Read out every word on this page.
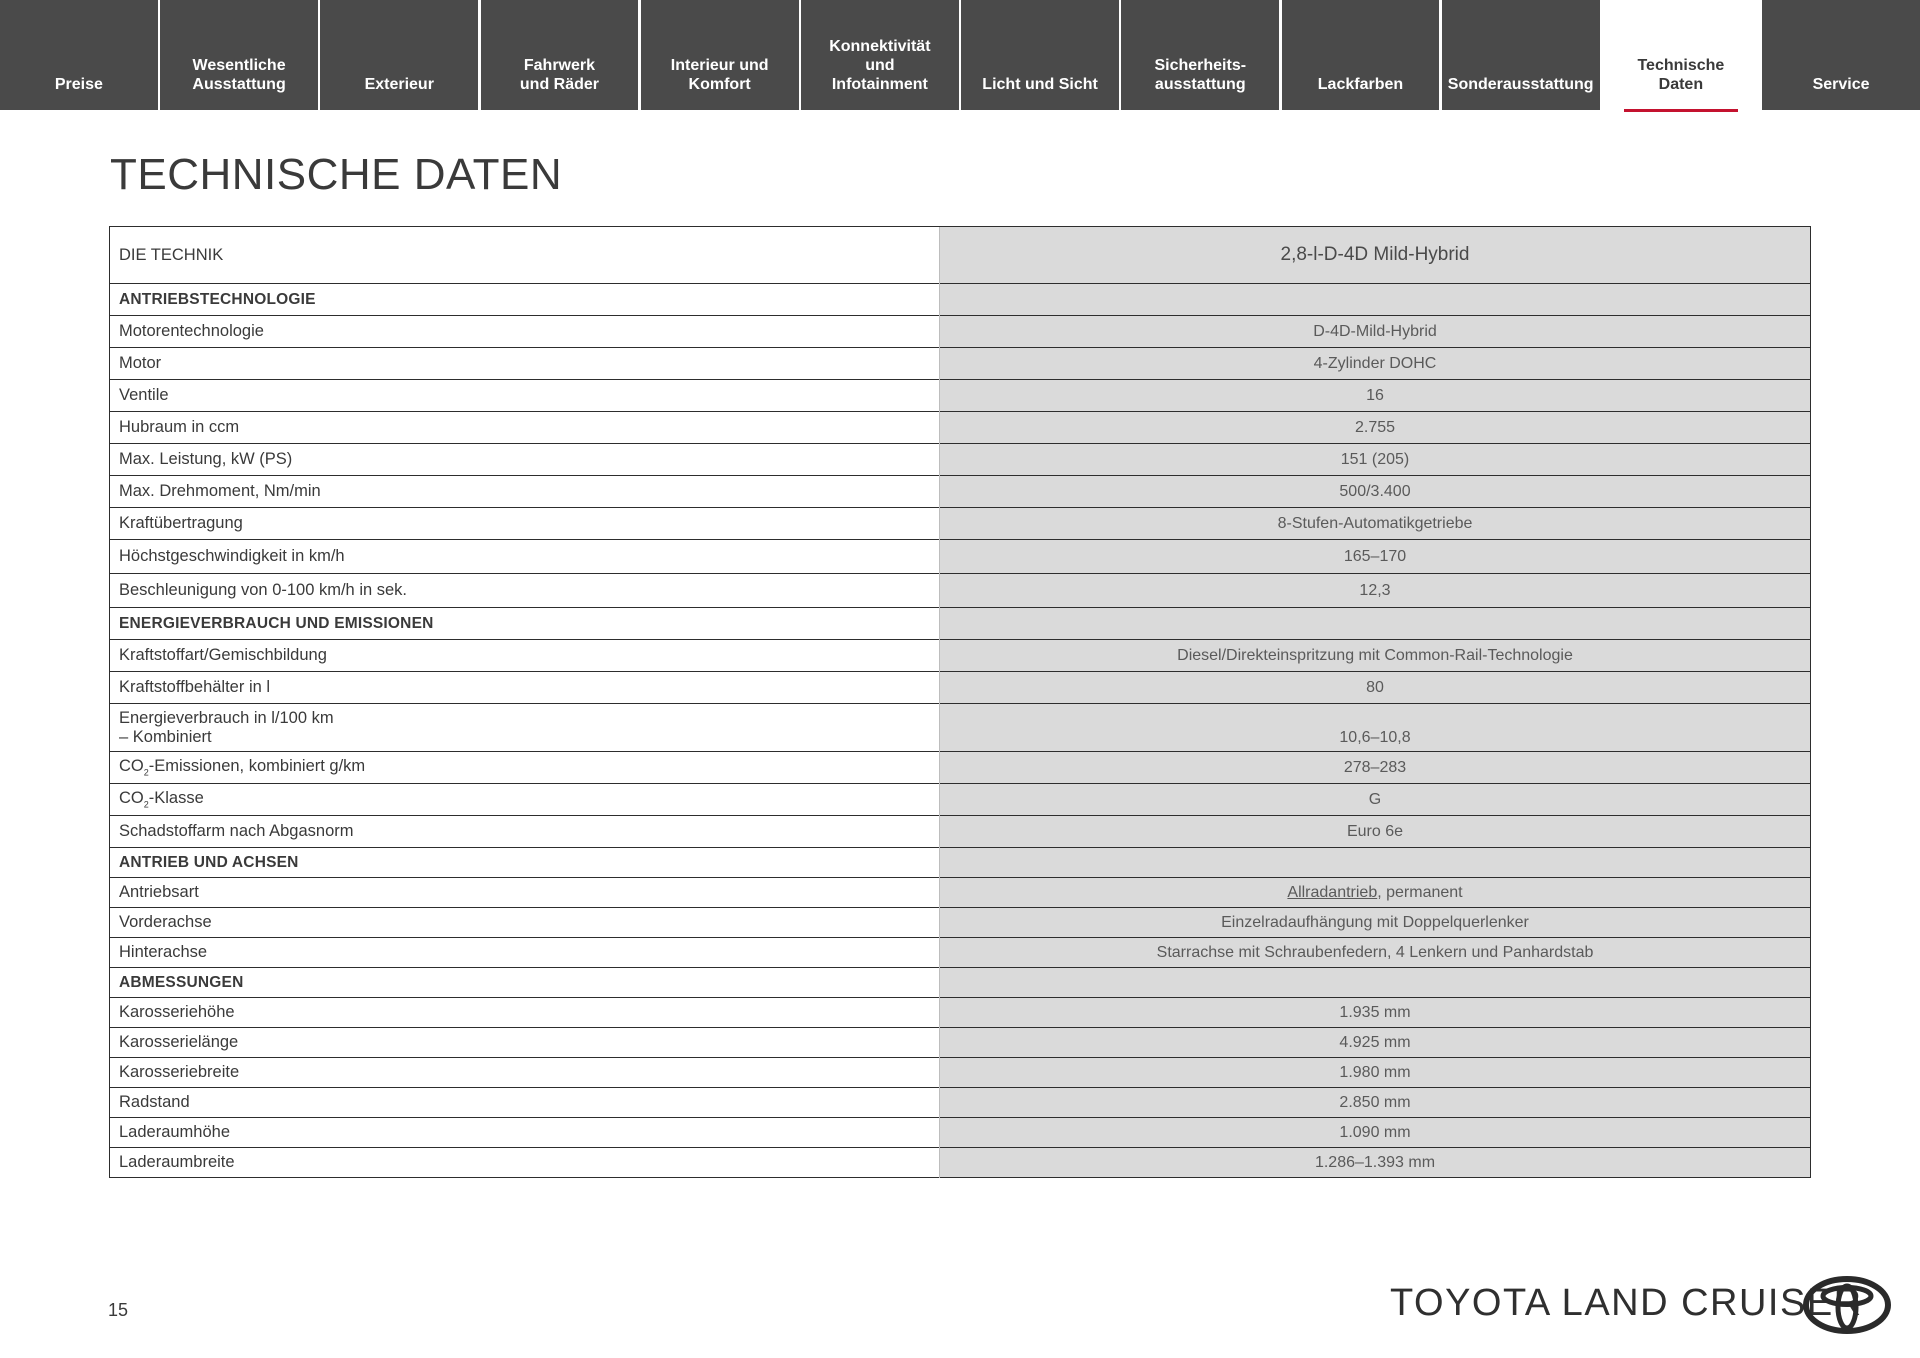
Preise
Wesentliche
Ausstattung	Exterieur
Fahrwerk
und Räder
Interieur und
Komfort
Konnektivität
und
Infotainment	Licht und Sicht
Sicherheits-
ausstattung	Lackfarben	Sonderausstattung
Technische
Daten	Service
TECHNISCHE DATEN
DIE TECHNIK	2,8-l-D-4D Mild-Hybrid
ANTRIEBSTECHNOLOGIE	
Motorentechnologie	D-4D-Mild-Hybrid
Motor	4-Zylinder DOHC
Ventile	16
Hubraum in ccm	2.755
Max. Leistung, kW (PS)	151 (205)
Max. Drehmoment, Nm/min	500/3.400
Kraftübertragung	8-Stufen-Automatikgetriebe
Höchstgeschwindigkeit in km/h	165–170
Beschleunigung von 0-100 km/h in sek.	12,3
ENERGIEVERBRAUCH UND EMISSIONEN	
Kraftstoffart/Gemischbildung	Diesel/Direkteinspritzung mit Common-Rail-Technologie
Kraftstoffbehälter in l	80
Energieverbrauch in l/100 km
– Kombiniert	10,6–10,8
$CO_2$-Emissionen, kombiniert g/km	278–283
$CO_2$-Klasse	G
Schadstoffarm nach Abgasnorm	Euro 6e
ANTRIEB UND ACHSEN	
Antriebsart	Allradantrieb, permanent
Vorderachse	Einzelradaufhängung mit Doppelquerlenker
Hinterachse	Starrachse mit Schraubenfedern, 4 Lenkern und Panhardstab
ABMESSUNGEN	
Karosseriehöhe	1.935 mm
Karosserielänge	4.925 mm
Karosseriebreite	1.980 mm
Radstand	2.850 mm
Laderaumhöhe	1.090 mm
Laderaumbreite	1.286–1.393 mm
15	TOYOTA LAND CRUISER
